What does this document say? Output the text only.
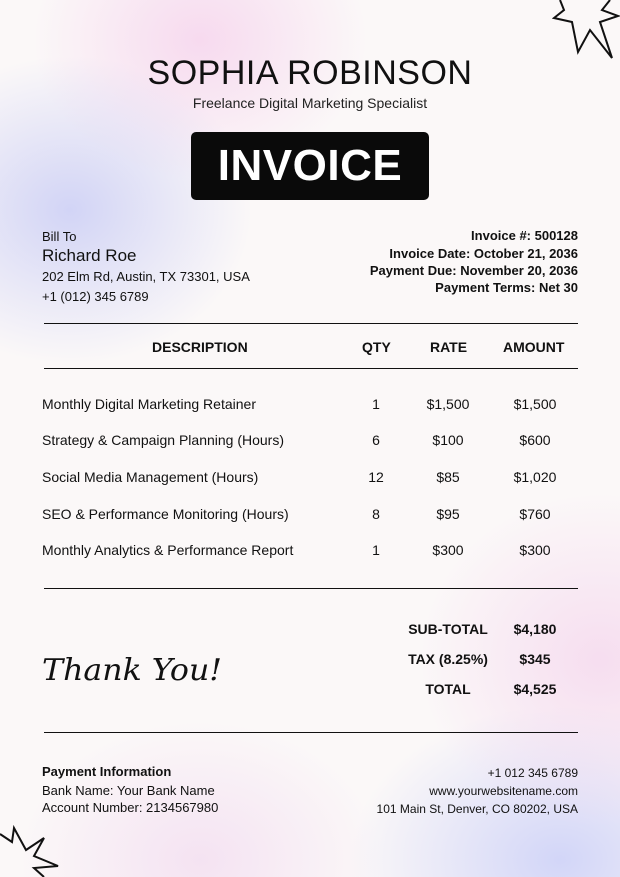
SOPHIA ROBINSON
Freelance Digital Marketing Specialist
INVOICE
Bill To
Richard Roe
202 Elm Rd, Austin, TX 73301, USA
+1 (012) 345 6789
Invoice #: 500128
Invoice Date: October 21, 2036
Payment Due: November 20, 2036
Payment Terms: Net 30
DESCRIPTION	QTY	RATE	AMOUNT
Monthly Digital Marketing Retainer	1	$1,500	$1,500
Strategy & Campaign Planning (Hours)	6	$100	$600
Social Media Management (Hours)	12	$85	$1,020
SEO & Performance Monitoring (Hours)	8	$95	$760
Monthly Analytics & Performance Report	1	$300	$300
SUB-TOTAL	$4,180
TAX (8.25%)	$345
TOTAL	$4,525
Thank You!
Payment Information
Bank Name: Your Bank Name
Account Number: 2134567980
+1 012 345 6789
www.yourwebsitename.com
101 Main St, Denver, CO 80202, USA
